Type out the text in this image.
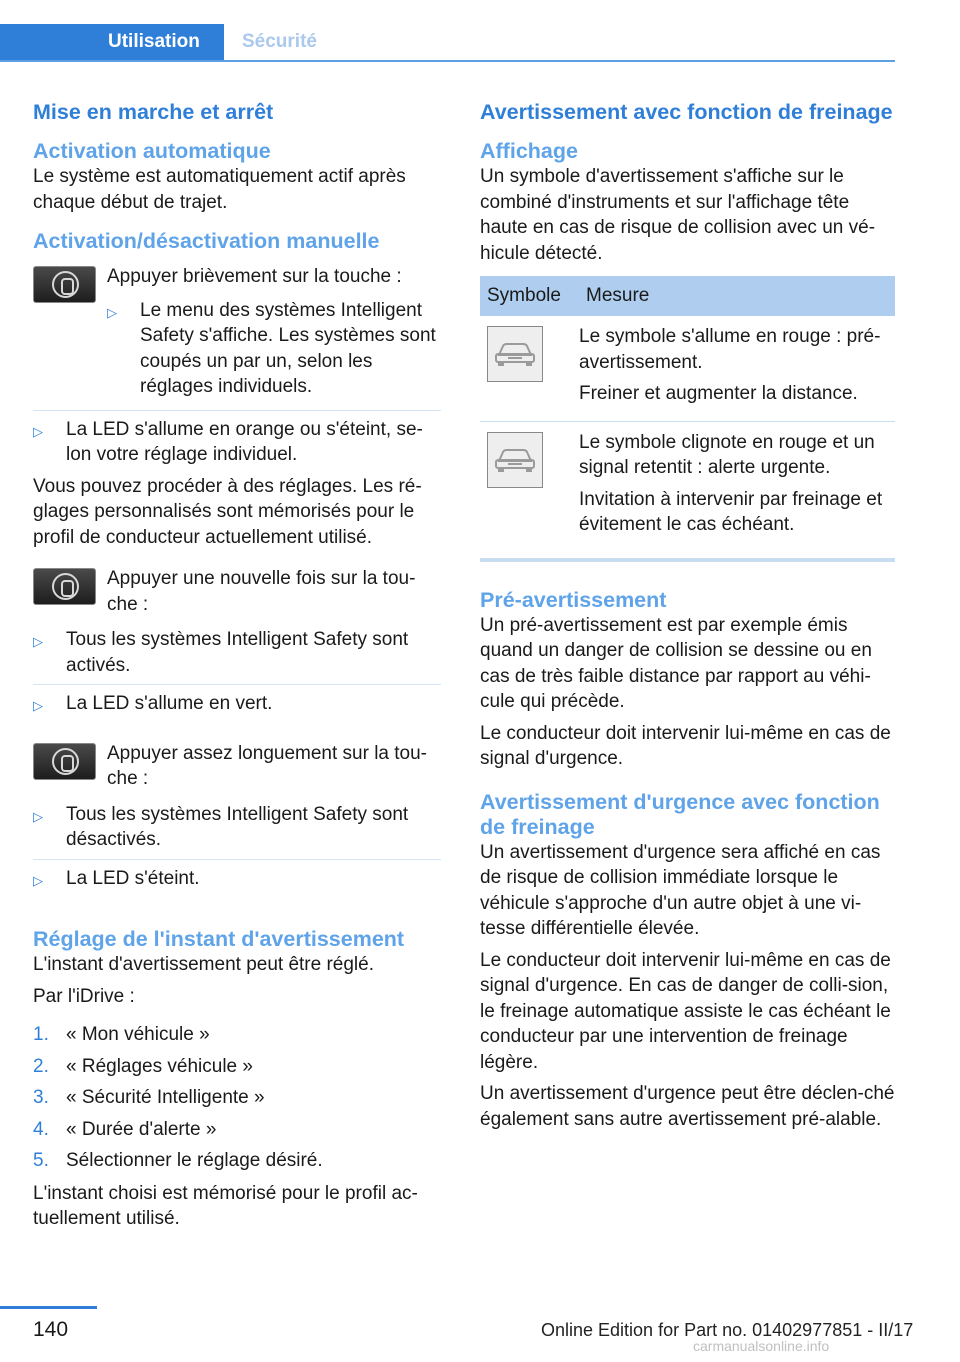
Utilisation	Sécurité
Mise en marche et arrêt
Activation automatique
Le système est automatiquement actif après chaque début de trajet.
Activation/désactivation manuelle
Appuyer brièvement sur la touche :
▷	Le menu des systèmes Intelligent Safety s'affiche. Les systèmes sont coupés un par un, selon les réglages individuels.
▷	La LED s'allume en orange ou s'éteint, se-lon votre réglage individuel.
Vous pouvez procéder à des réglages. Les ré-glages personnalisés sont mémorisés pour le profil de conducteur actuellement utilisé.
Appuyer une nouvelle fois sur la tou-che :
▷	Tous les systèmes Intelligent Safety sont activés.
▷	La LED s'allume en vert.
Appuyer assez longuement sur la tou-che :
▷	Tous les systèmes Intelligent Safety sont désactivés.
▷	La LED s'éteint.
Réglage de l'instant d'avertissement
L'instant d'avertissement peut être réglé.
Par l'iDrive :
1. « Mon véhicule »
2. « Réglages véhicule »
3. « Sécurité Intelligente »
4. « Durée d'alerte »
5. Sélectionner le réglage désiré.
L'instant choisi est mémorisé pour le profil ac-tuellement utilisé.
Avertissement avec fonction de freinage
Affichage
Un symbole d'avertissement s'affiche sur le combiné d'instruments et sur l'affichage tête haute en cas de risque de collision avec un vé-hicule détecté.
Symbole	Mesure

Le symbole s'allume en rouge : pré-avertissement.

Freiner et augmenter la distance.

Le symbole clignote en rouge et un signal retentit : alerte urgente.

Invitation à intervenir par freinage et évitement le cas échéant.

Pré-avertissement
Un pré-avertissement est par exemple émis quand un danger de collision se dessine ou en cas de très faible distance par rapport au véhi-cule qui précède.
Le conducteur doit intervenir lui-même en cas de signal d'urgence.
Avertissement d'urgence avec fonction de freinage
Un avertissement d'urgence sera affiché en cas de risque de collision immédiate lorsque le véhicule s'approche d'un autre objet à une vi-tesse différentielle élevée.
Le conducteur doit intervenir lui-même en cas de signal d'urgence. En cas de danger de colli-sion, le freinage automatique assiste le cas échéant le conducteur par une intervention de freinage légère.
Un avertissement d'urgence peut être déclen-ché également sans autre avertissement pré-alable.
140	Online Edition for Part no. 01402977851 - II/17
carmanualsonline.info
